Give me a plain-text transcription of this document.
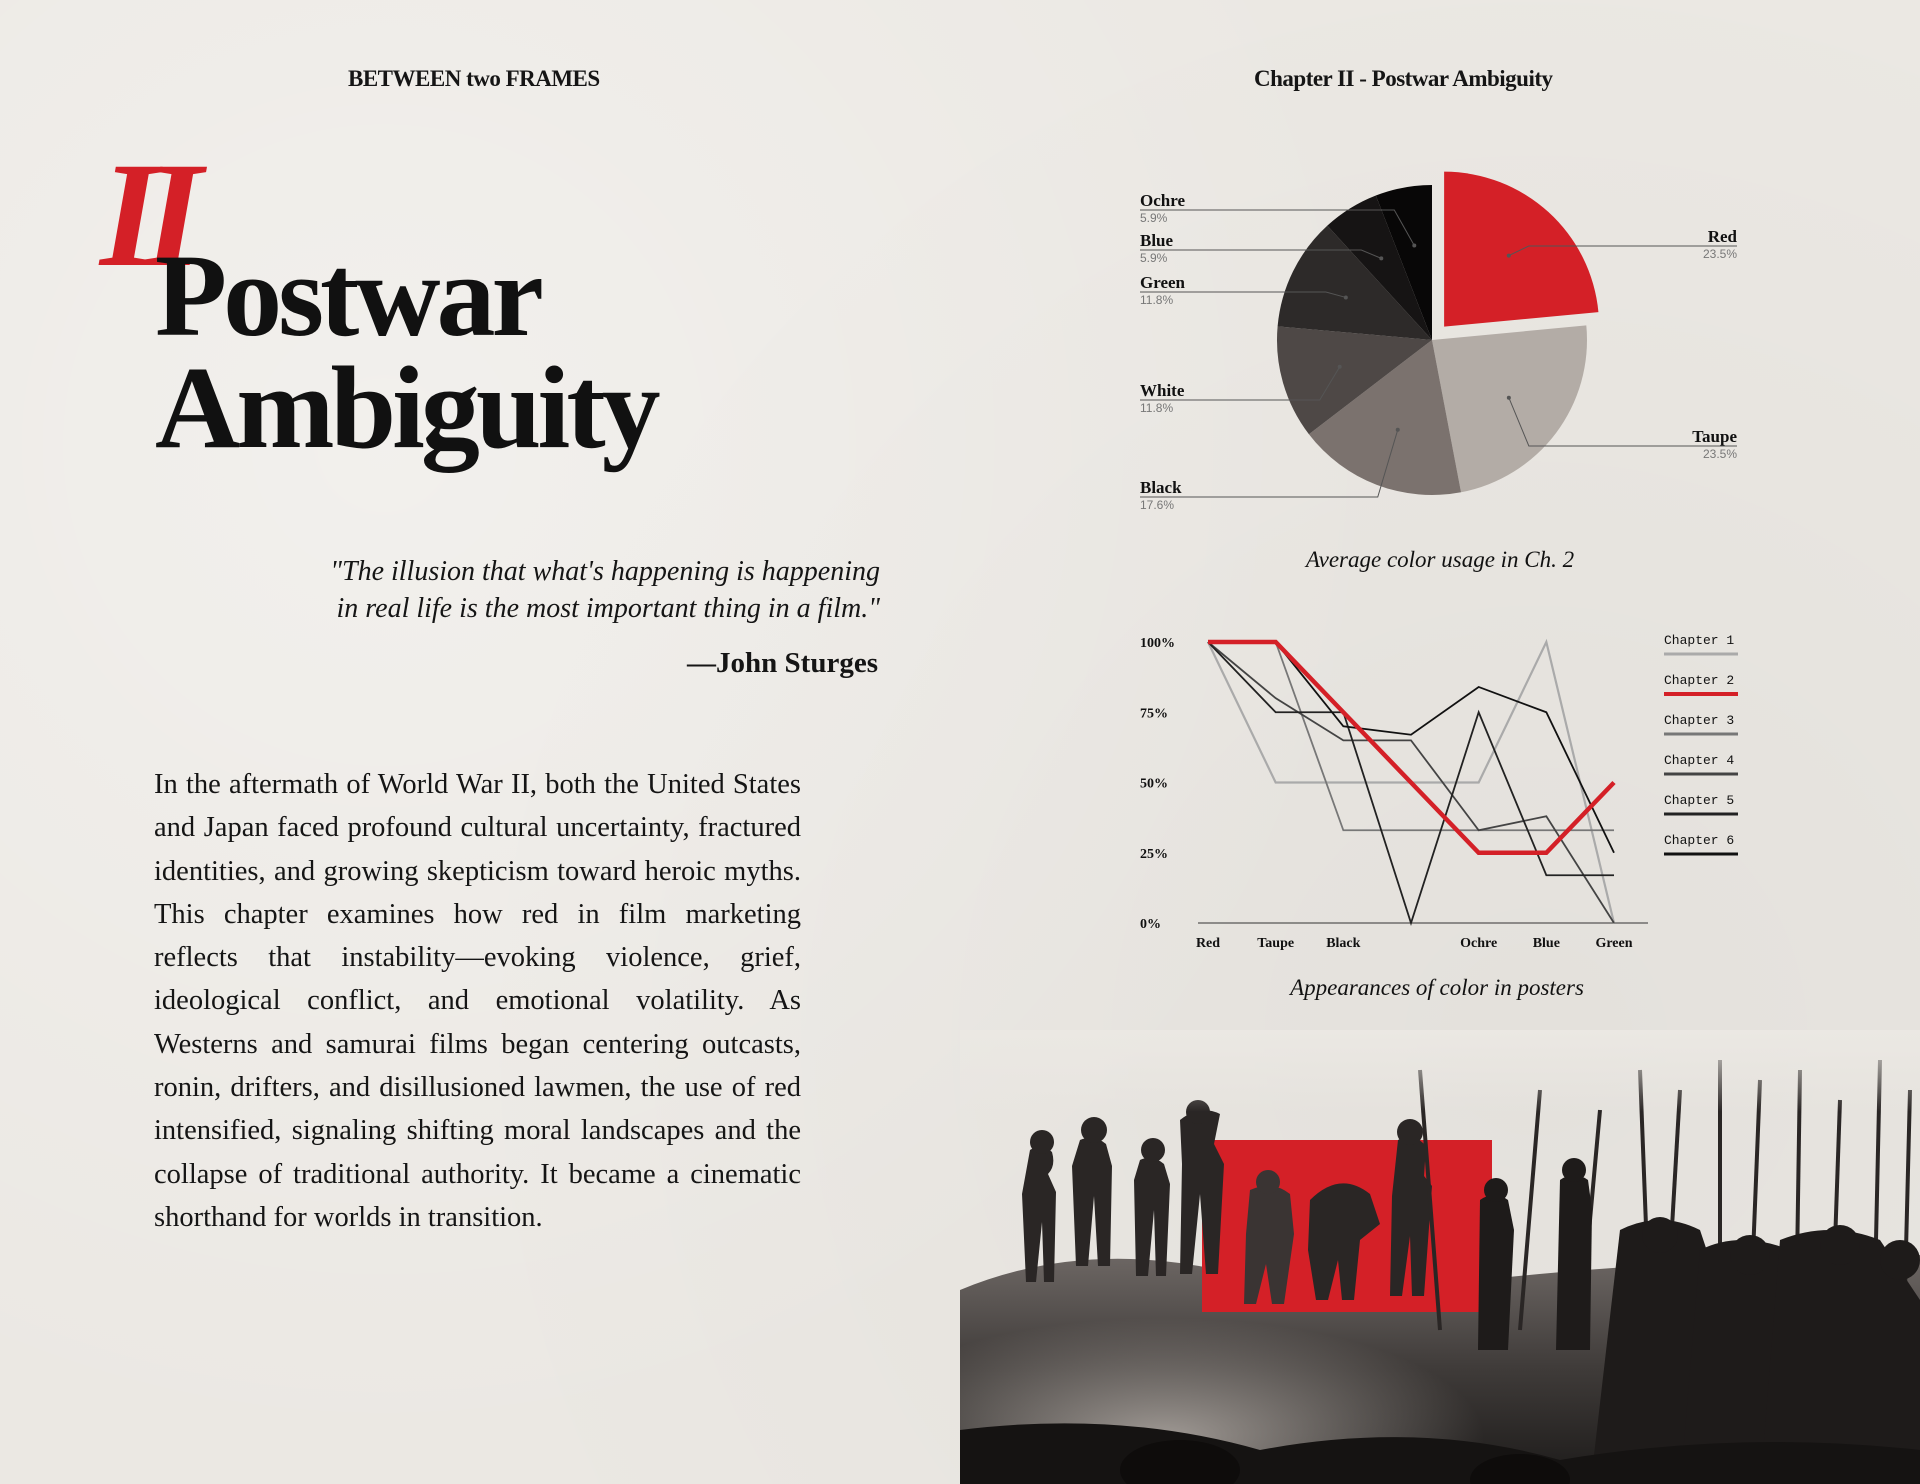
BETWEEN two FRAMES	Chapter II - Postwar Ambiguity
II
Postwar
Ambiguity
"The illusion that what's happening is happening
in real life is the most important thing in a film."
—John Sturges
In the aftermath of World War II, both the United States and Japan faced profound cultural uncertainty, fractured identities, and growing skepticism toward heroic myths. This chapter examines how red in film marketing reflects that instability—evoking violence, grief, ideological conflict, and emotional volatility. As Westerns and samurai films began centering outcasts, ronin, drifters, and disillusioned lawmen, the use of red intensified, signaling shifting moral landscapes and the collapse of traditional authority. It became a cinematic shorthand for worlds in transition.
Red
23.5%
Taupe
23.5%
Black
17.6%
White
11.8%
Green
11.8%
Blue
5.9%
Ochre
5.9%
Average color usage in Ch. 2
0%
25%
50%
75%
100%
Red	Taupe Black	Ochre	Blue	Green
Chapter 1
Chapter 2
Chapter 3
Chapter 4
Chapter 5
Chapter 6
Appearances of color in posters
